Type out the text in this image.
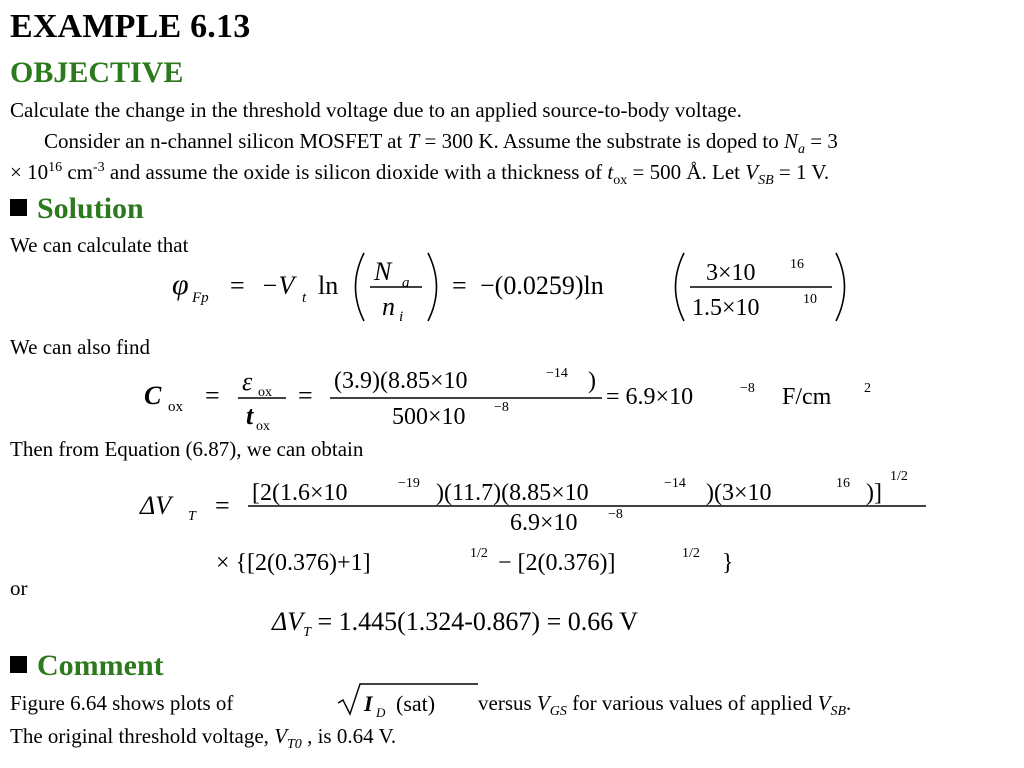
EXAMPLE 6.13
OBJECTIVE
Calculate the change in the threshold voltage due to an applied source-to-body voltage.
Consider an n-channel silicon MOSFET at T = 300 K. Assume the substrate is doped to $N_a = 3$
× $10^{16}$ $cm^{-3}$ and assume the oxide is silicon dioxide with a thickness of $t_{ox} = 500$ Å. Let $V_{SB} = 1$ V.
Solution
We can calculate that
φ Fp = −V t ln N a
n i
= −(0.0259)ln	3×10 16
1.5×10	10
We can also find
C ox = ε ox
t ox
= (3.9)(8.85×10	−14 )
500×10 −8	= 6.9×10	−8 F/cm 2
Then from Equation (6.87), we can obtain
ΔV T = [2(1.6×10	−19 )(11.7)(8.85×10	−14 )(3×10	16 )]
1/2
6.9×10 −8
× {[2(0.376)+1]	1/2 − [2(0.376)]	1/2 }
or
$\Delta V_T = 1.445(1.324-0.867) = 0.66$ V
Comment
Figure 6.64 shows plots of	I D (sat) versus $V_{GS}$ for various values of applied $V_{SB}$.
The original threshold voltage, $V_{T0}$ , is 0.64 V.
